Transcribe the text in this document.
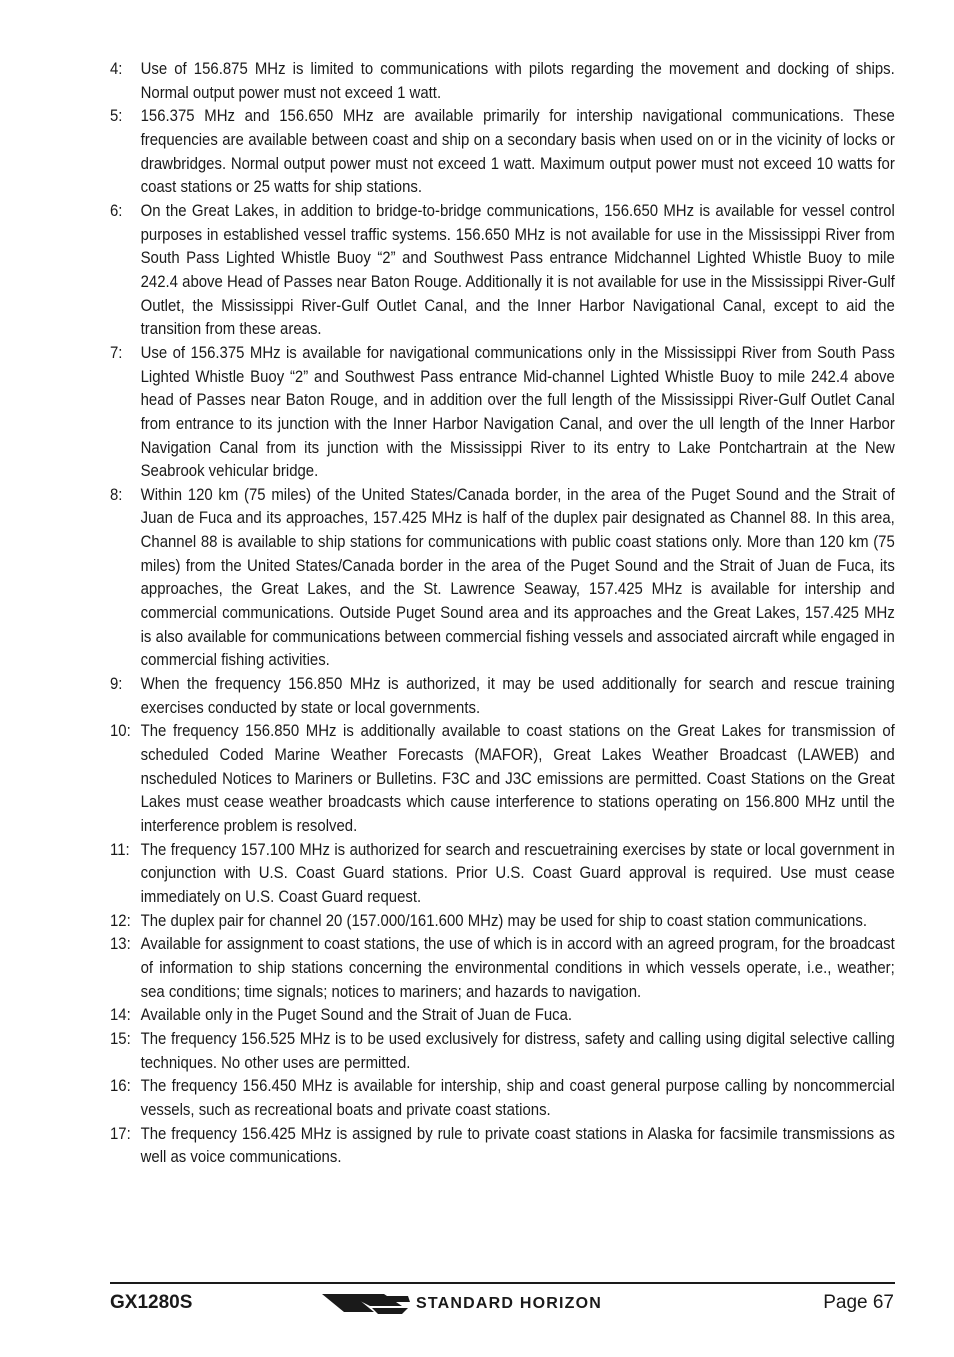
4: Use of 156.875 MHz is limited to communications with pilots regarding the movement and docking of ships. Normal output power must not exceed 1 watt.
5: 156.375 MHz and 156.650 MHz are available primarily for intership navigational communications. These frequencies are available between coast and ship on a secondary basis when used on or in the vicinity of locks or drawbridges. Normal output power must not exceed 1 watt. Maximum output power must not exceed 10 watts for coast stations or 25 watts for ship stations.
6: On the Great Lakes, in addition to bridge-to-bridge communications, 156.650 MHz is available for vessel control purposes in established vessel traffic systems. 156.650 MHz is not available for use in the Mississippi River from South Pass Lighted Whistle Buoy “2” and Southwest Pass entrance Midchannel Lighted Whistle Buoy to mile 242.4 above Head of Passes near Baton Rouge. Additionally it is not available for use in the Mississippi River-Gulf Outlet, the Mississippi River-Gulf Outlet Canal, and the Inner Harbor Navigational Canal, except to aid the transition from these areas.
7: Use of 156.375 MHz is available for navigational communications only in the Mississippi River from South Pass Lighted Whistle Buoy “2” and Southwest Pass entrance Mid-channel Lighted Whistle Buoy to mile 242.4 above head of Passes near Baton Rouge, and in addition over the full length of the Mississippi River-Gulf Outlet Canal from entrance to its junction with the Inner Harbor Navigation Canal, and over the ull length of the Inner Harbor Navigation Canal from its junction with the Mississippi River to its entry to Lake Pontchartrain at the New Seabrook vehicular bridge.
8: Within 120 km (75 miles) of the United States/Canada border, in the area of the Puget Sound and the Strait of Juan de Fuca and its approaches, 157.425 MHz is half of the duplex pair designated as Channel 88. In this area, Channel 88 is available to ship stations for communications with public coast stations only. More than 120 km (75 miles) from the United States/Canada border in the area of the Puget Sound and the Strait of Juan de Fuca, its approaches, the Great Lakes, and the St. Lawrence Seaway, 157.425 MHz is available for intership and commercial communications. Outside Puget Sound area and its approaches and the Great Lakes, 157.425 MHz is also available for communications between commercial fishing vessels and associated aircraft while engaged in commercial fishing activities.
9: When the frequency 156.850 MHz is authorized, it may be used additionally for search and rescue training exercises conducted by state or local governments.
10: The frequency 156.850 MHz is additionally available to coast stations on the Great Lakes for transmission of scheduled Coded Marine Weather Forecasts (MAFOR), Great Lakes Weather Broadcast (LAWEB) and nscheduled Notices to Mariners or Bulletins. F3C and J3C emissions are permitted. Coast Stations on the Great Lakes must cease weather broadcasts which cause interference to stations operating on 156.800 MHz until the interference problem is resolved.
11: The frequency 157.100 MHz is authorized for search and rescuetraining exercises by state or local government in conjunction with U.S. Coast Guard stations. Prior U.S. Coast Guard approval is required. Use must cease immediately on U.S. Coast Guard request.
12: The duplex pair for channel 20 (157.000/161.600 MHz) may be used for ship to coast station communications.
13: Available for assignment to coast stations, the use of which is in accord with an agreed program, for the broadcast of information to ship stations concerning the environmental conditions in which vessels operate, i.e., weather; sea conditions; time signals; notices to mariners; and hazards to navigation.
14: Available only in the Puget Sound and the Strait of Juan de Fuca.
15: The frequency 156.525 MHz is to be used exclusively for distress, safety and calling using digital selective calling techniques. No other uses are permitted.
16: The frequency 156.450 MHz is available for intership, ship and coast general purpose calling by noncommercial vessels, such as recreational boats and private coast stations.
17: The frequency 156.425 MHz is assigned by rule to private coast stations in Alaska for facsimile transmissions as well as voice communications.
GX1280S	STANDARD HORIZON	Page 67
